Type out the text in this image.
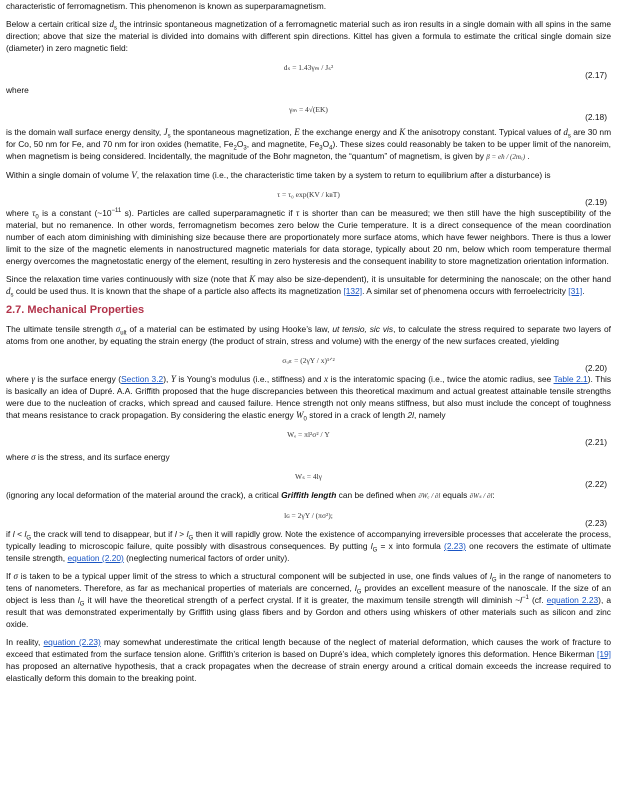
characteristic of ferromagnetism. This phenomenon is known as superparamagnetism.

Below a certain critical size $d_s$ the intrinsic spontaneous magnetization of a ferromagnetic material such as iron results in a single domain with all spins in the same direction; above that size the material is divided into domains with different spin directions. Kittel has given a formula to estimate the critical single domain size (diameter) in zero magnetic field:

dₛ = 1.43γₘ / Jₛ²
(2.17)

where

γₘ = 4√(EK)
(2.18)

is the domain wall surface energy density, $J_s$ the spontaneous magnetization, E the exchange energy and K the anisotropy constant. Typical values of $d_s$ are 30 nm for Co, 50 nm for Fe, and 70 nm for iron oxides (hematite, $Fe_2O_3$, and magnetite, $Fe_3O_4$). These sizes could reasonably be taken to be upper limit of the nanoreim, when magnetism is being considered. Incidentally, the magnitude of the Bohr magneton, the “quantum” of magnetism, is given by β = eħ / (2mₑ) .

Within a single domain of volume V, the relaxation time (i.e., the characteristic time taken by a system to return to equilibrium after a disturbance) is

τ = τ₀ exp(KV / kʙT)
(2.19)

where $\tau_0$ is a constant ($\sim 10^{-11}$ s). Particles are called superparamagnetic if τ is shorter than can be measured; we then still have the high susceptibility of the material, but no remanence. In other words, ferromagnetism becomes zero below the Curie temperature. It is a direct consequence of the mean coordination number of each atom diminishing with diminishing size because there are proportionately more surface atoms, which have fewer neighbors. There is thus a lower limit to the size of the magnetic elements in nanostructured magnetic materials for data storage, typically about 20 nm, below which room temperature thermal energy overcomes the magnetostatic energy of the element, resulting in zero hysteresis and the consequent inability to store magnetization orientation information.

Since the relaxation time varies continuously with size (note that K may also be size-dependent), it is unsuitable for determining the nanoscale; on the other hand $d_s$ could be used thus. It is known that the shape of a particle also affects its magnetization [132]. A similar set of phenomena occurs with ferroelectricity [31].

2.7. Mechanical Properties

The ultimate tensile strength $\sigma_{ult}$ of a material can be estimated by using Hooke’s law, ut tensio, sic vis, to calculate the stress required to separate two layers of atoms from one another, by equating the strain energy (the product of strain, stress and volume) with the energy of the new surfaces created, yielding

σᵤₗₜ = (2γY / x)¹ᐟ²
(2.20)

where γ is the surface energy (Section 3.2), Y is Young’s modulus (i.e., stiffness) and x is the interatomic spacing (i.e., twice the atomic radius, see Table 2.1). This is basically an idea of Dupré. A.A. Griffith proposed that the huge discrepancies between this theoretical maximum and actual greatest attainable tensile strengths were due to the nucleation of cracks, which spread and caused failure. Hence strength not only means stiffness, but also must include the concept of toughness that means resistance to crack propagation. By considering the elastic energy $W_0$ stored in a crack of length 2l, namely

Wₑ = πl²σ² / Y
(2.21)

where σ is the stress, and its surface energy

Wₛ = 4lγ
(2.22)

(ignoring any local deformation of the material around the crack), a critical Griffith length can be defined when ∂Wₑ / ∂l equals ∂Wₛ / ∂l:

lɢ = 2γY / (πσ²);
(2.23)

if $l < l_G$ the crack will tend to disappear, but if $l > l_G$ then it will rapidly grow. Note the existence of accompanying irreversible processes that accelerate the process, typically leading to microscopic failure, quite possibly with disastrous consequences. By putting $l_G = x$ into formula (2.23) one recovers the estimate of ultimate tensile strength, equation (2.20) (neglecting numerical factors of order unity).

If σ is taken to be a typical upper limit of the stress to which a structural component will be subjected in use, one finds values of $l_G$ in the range of nanometers to tens of nanometers. Therefore, as far as mechanical properties of materials are concerned, $l_G$ provides an excellent measure of the nanoscale. If the size of an object is less than $l_G$ it will have the theoretical strength of a perfect crystal. If it is greater, the maximum tensile strength will diminish $\sim l^{-1}$ (cf. equation 2.23), a result that was demonstrated experimentally by Griffith using glass fibers and by Gordon and others using whiskers of other materials such as silicon and zinc oxide.

In reality, equation (2.23) may somewhat underestimate the critical length because of the neglect of material deformation, which causes the work of fracture to exceed that estimated from the surface tension alone. Griffith’s criterion is based on Dupré’s idea, which completely ignores this deformation. Hence Bikerman [19] has proposed an alternative hypothesis, that a crack propagates when the decrease of strain energy around a critical domain exceeds the increase required to elastically deform this domain to the breaking point.
